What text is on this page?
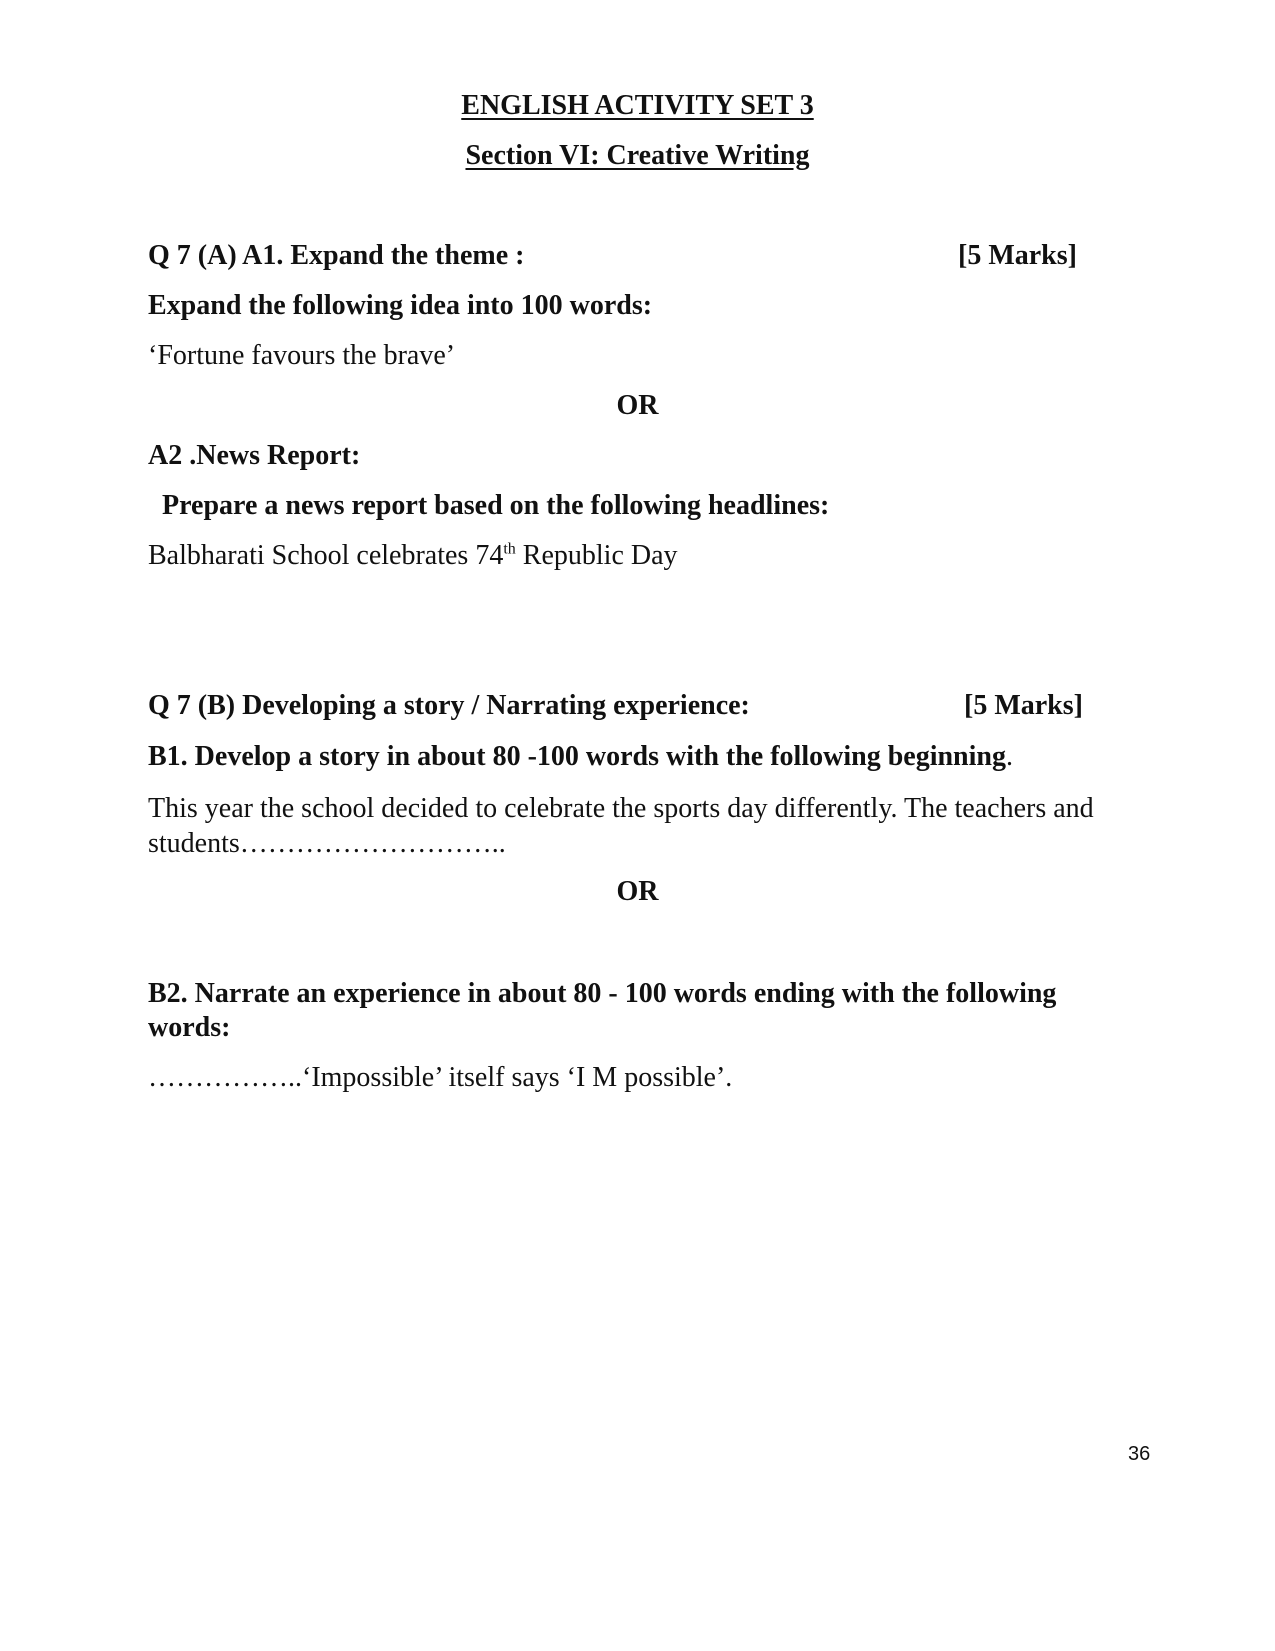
ENGLISH ACTIVITY SET 3
Section VI: Creative Writing
Q 7 (A) A1. Expand the theme :	[5 Marks]
Expand the following idea into 100 words:
‘Fortune favours the brave’
OR
A2 .News Report:
Prepare a news report based on the following headlines:
Balbharati School celebrates 74th Republic Day
Q 7 (B) Developing a story / Narrating experience:	[5 Marks]
B1. Develop a story in about 80 -100 words with the following beginning.
This year the school decided to celebrate the sports day differently. The teachers and students………………………..
OR
B2. Narrate an experience in about 80 - 100 words ending with the following words:
……………..‘Impossible’ itself says ‘I M possible’.
36
